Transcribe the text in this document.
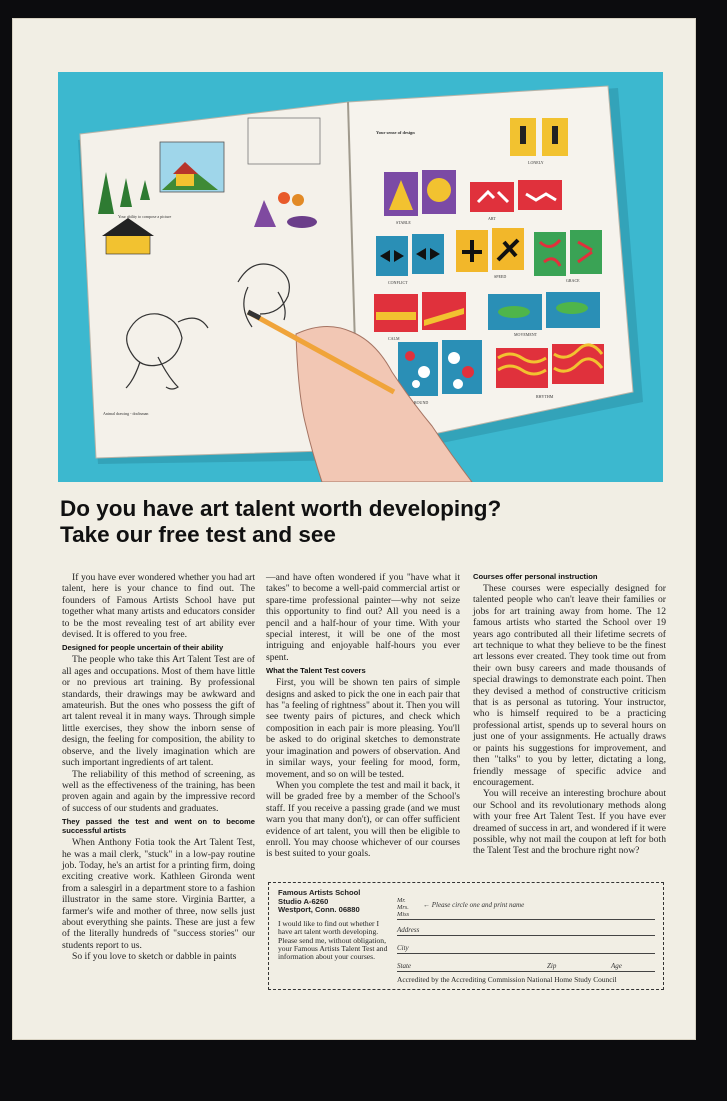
Your ability to compose a picture
Animal drawing - draftsman
Your sense of design
LONELY
STABLE
ART
CONFLICT
SPEED
GRACE
CALM
MOVEMENT
ROUND
RHYTHM
Do you have art talent worth developing?
Take our free test and see

If you have ever wondered whether you had art talent, here is your chance to find out. The founders of Famous Artists School have put together what many artists and educators consider to be the most revealing test of art ability ever devised. It is offered to you free.

Designed for people uncertain of their ability

The people who take this Art Talent Test are of all ages and occupations. Most of them have little or no previous art training. By professional standards, their drawings may be awkward and amateurish. But the ones who possess the gift of art talent reveal it in many ways. Through simple little exercises, they show the inborn sense of design, the feeling for composition, the ability to observe, and the lively imagination which are such important ingredients of art talent.

The reliability of this method of screening, as well as the effectiveness of the training, has been proven again and again by the impressive record of success of our students and graduates.

They passed the test and went on to become successful artists

When Anthony Fotia took the Art Talent Test, he was a mail clerk, "stuck" in a low-pay routine job. Today, he's an artist for a printing firm, doing exciting creative work. Kathleen Gironda went from a salesgirl in a department store to a fashion illustrator in the same store. Virginia Bartter, a farmer's wife and mother of three, now sells just about everything she paints. These are just a few of the literally hundreds of "success stories" our students report to us.

So if you love to sketch or dabble in paints

—and have often wondered if you "have what it takes" to become a well-paid commercial artist or spare-time professional painter—why not seize this opportunity to find out? All you need is a pencil and a half-hour of your time. With your special interest, it will be one of the most intriguing and enjoyable half-hours you ever spent.

What the Talent Test covers

First, you will be shown ten pairs of simple designs and asked to pick the one in each pair that has "a feeling of rightness" about it. Then you will see twenty pairs of pictures, and check which composition in each pair is more pleasing. You'll be asked to do original sketches to demonstrate your imagination and powers of observation. And in similar ways, your feeling for mood, form, movement, and so on will be tested.

When you complete the test and mail it back, it will be graded free by a member of the School's staff. If you receive a passing grade (and we must warn you that many don't), or can offer sufficient evidence of art talent, you will then be eligible to enroll. You may choose whichever of our courses is best suited to your goals.

Courses offer personal instruction

These courses were especially designed for talented people who can't leave their families or jobs for art training away from home. The 12 famous artists who started the School over 19 years ago contributed all their lifetime secrets of art technique to what they believe to be the finest art lessons ever created. They took time out from their own busy careers and made thousands of special drawings to demonstrate each point. Then they devised a method of constructive criticism that is as personal as tutoring. Your instructor, who is himself required to be a practicing professional artist, spends up to several hours on just one of your assignments. He actually draws or paints his suggestions for improvement, and then "talks" to you by letter, dictating a long, friendly message of specific advice and encouragement.

You will receive an interesting brochure about our School and its revolutionary methods along with your free Art Talent Test. If you have ever dreamed of success in art, and wondered if it were possible, why not mail the coupon at left for both the Talent Test and the brochure right now?

Famous Artists School
Studio A-6260
Westport, Conn. 06880
I would like to find out whether I have art talent worth developing. Please send me, without obligation, your Famous Artists Talent Test and information about your courses.
Mr. Mrs. Miss
← Please circle one and print name
Address
City
State	Zip	Age
Accredited by the Accrediting Commission National Home Study Council
